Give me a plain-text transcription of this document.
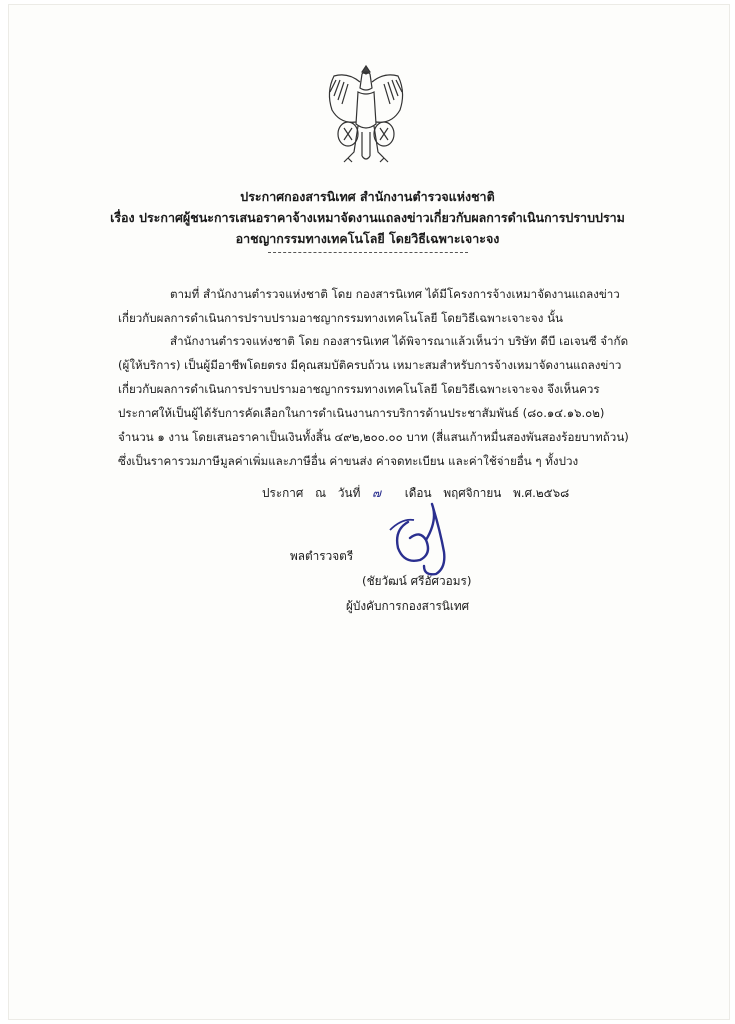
ประกาศกองสารนิเทศ สำนักงานตำรวจแห่งชาติ
เรื่อง ประกาศผู้ชนะการเสนอราคาจ้างเหมาจัดงานแถลงข่าวเกี่ยวกับผลการดำเนินการปราบปราม
อาชญากรรมทางเทคโนโลยี โดยวิธีเฉพาะเจาะจง
ตามที่ สำนักงานตำรวจแห่งชาติ โดย กองสารนิเทศ ได้มีโครงการจ้างเหมาจัดงานแถลงข่าวเกี่ยวกับผลการดำเนินการปราบปรามอาชญากรรมทางเทคโนโลยี โดยวิธีเฉพาะเจาะจง นั้น
สำนักงานตำรวจแห่งชาติ โดย กองสารนิเทศ ได้พิจารณาแล้วเห็นว่า บริษัท ดีบี เอเจนซี จำกัด (ผู้ให้บริการ) เป็นผู้มีอาชีพโดยตรง มีคุณสมบัติครบถ้วน เหมาะสมสำหรับการจ้างเหมาจัดงานแถลงข่าวเกี่ยวกับผลการดำเนินการปราบปรามอาชญากรรมทางเทคโนโลยี โดยวิธีเฉพาะเจาะจง จึงเห็นควรประกาศให้เป็นผู้ได้รับการคัดเลือกในการดำเนินงานการบริการด้านประชาสัมพันธ์ (๘๐.๑๔.๑๖.๐๒) จำนวน ๑ งาน โดยเสนอราคาเป็นเงินทั้งสิ้น ๔๙๒,๒๐๐.๐๐ บาท (สี่แสนเก้าหมื่นสองพันสองร้อยบาทถ้วน) ซึ่งเป็นราคารวมภาษีมูลค่าเพิ่มและภาษีอื่น ค่าขนส่ง ค่าจดทะเบียน และค่าใช้จ่ายอื่น ๆ ทั้งปวง
ประกาศ ณ วันที่ ๗ เดือน พฤศจิกายน พ.ศ.๒๕๖๘
พลตำรวจตรี
(ชัยวัฒน์ ศรีอัศวอมร)
ผู้บังคับการกองสารนิเทศ
